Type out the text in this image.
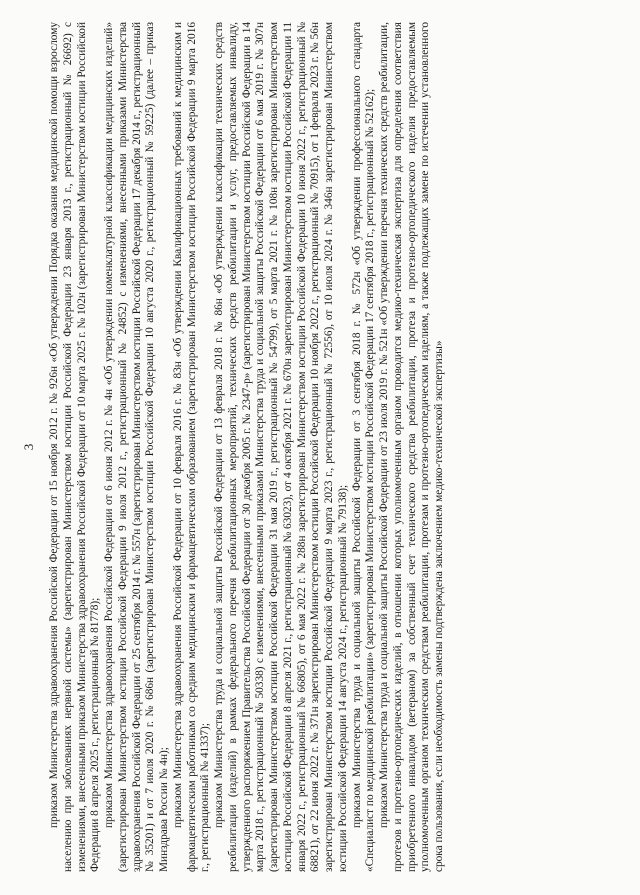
3 приказом Министерства здравоохранения Российской Федерации от 15 ноября 2012 г. № 926н «Об утверждении Порядка оказания медицинской помощи взрослому населению при заболеваниях нервной системы» (зарегистрирован Министерством юстиции Российской Федерации 23 января 2013 г., регистрационный № 26692) с изменениями, внесенными приказом Министерства здравоохранения Российской Федерации от 10 марта 2025 г. № 102н (зарегистрирован Министерством юстиции Российской Федерации 8 апреля 2025 г., регистрационный № 81778); приказом Министерства здравоохранения Российской Федерации от 6 июня 2012 г. № 4н «Об утверждении номенклатурной классификации медицинских изделий» (зарегистрирован Министерством юстиции Российской Федерации 9 июля 2012 г., регистрационный № 24852) с изменениями, внесенными приказами Министерства здравоохранения Российской Федерации от 25 сентября 2014 г. № 557н (зарегистрирован Министерством юстиции Российской Федерации 17 декабря 2014 г., регистрационный № 35201) и от 7 июля 2020 г. № 686н (зарегистрирован Министерством юстиции Российской Федерации 10 августа 2020 г., регистрационный № 59225) (далее – приказ Минздрава России № 4н); приказом Министерства здравоохранения Российской Федерации от 10 февраля 2016 г. № 83н «Об утверждении Квалификационных требований к медицинским и фармацевтическим работникам со средним медицинским и фармацевтическим образованием (зарегистрирован Министерством юстиции Российской Федерации 9 марта 2016 г., регистрационный № 41337); приказом Министерства труда и социальной защиты Российской Федерации от 13 февраля 2018 г. № 86н «Об утверждении классификации технических средств реабилитации (изделий) в рамках федерального перечня реабилитационных мероприятий, технических средств реабилитации и услуг, предоставляемых инвалиду, утвержденного распоряжением Правительства Российской Федерации от 30 декабря 2005 г. № 2347-р» (зарегистрирован Министерством юстиции Российской Федерации в 14 марта 2018 г., регистрационный № 50338) с изменениями, внесенными приказами Министерства труда и социальной защиты Российской Федерации от 6 мая 2019 г. № 307н (зарегистрирован Министерством юстиции Российской Федерации 31 мая 2019 г., регистрационный № 54799), от 5 марта 2021 г. № 108н зарегистрирован Министерством юстиции Российской Федерации 8 апреля 2021 г., регистрационный № 63023), от 4 октября 2021 г. № 670н зарегистрирован Министерством юстиции Российской Федерации 11 января 2022 г., регистрационный № 66805), от 6 мая 2022 г. № 288н зарегистрирован Министерством юстиции Российской Федерации 10 июня 2022 г., регистрационный № 68821), от 22 июня 2022 г. № 371н зарегистрирован Министерством юстиции Российской Федерации 10 ноября 2022 г., регистрационный № 70915), от 1 февраля 2023 г. № 56н зарегистрирован Министерством юстиции Российской Федерации 9 марта 2023 г., регистрационный № 72556), от 10 июля 2024 г. № 346н зарегистрирован Министерством юстиции Российской Федерации 14 августа 2024 г., регистрационный № 79138); приказом Министерства труда и социальной защиты Российской Федерации от 3 сентября 2018 г. № 572н «Об утверждении профессионального стандарта «Специалист по медицинской реабилитации» (зарегистрирован Министерством юстиции Российской Федерации 17 сентября 2018 г., регистрационный № 52162); приказом Министерства труда и социальной защиты Российской Федерации от 23 июля 2019 г. № 521н «Об утверждении перечня технических средств реабилитации, протезов и протезно-ортопедических изделий, в отношении которых уполномоченным органом проводится медико-техническая экспертиза для определения соответствия приобретенного инвалидом (ветераном) за собственный счет технического средства реабилитации, протеза и протезно-ортопедического изделия предоставляемым уполномоченным органом техническим средствам реабилитации, протезам и протезно-ортопедическим изделиям, а также подлежащих замене по истечении установленного срока пользования, если необходимость замены подтверждена заключением медико-технической экспертизы»
